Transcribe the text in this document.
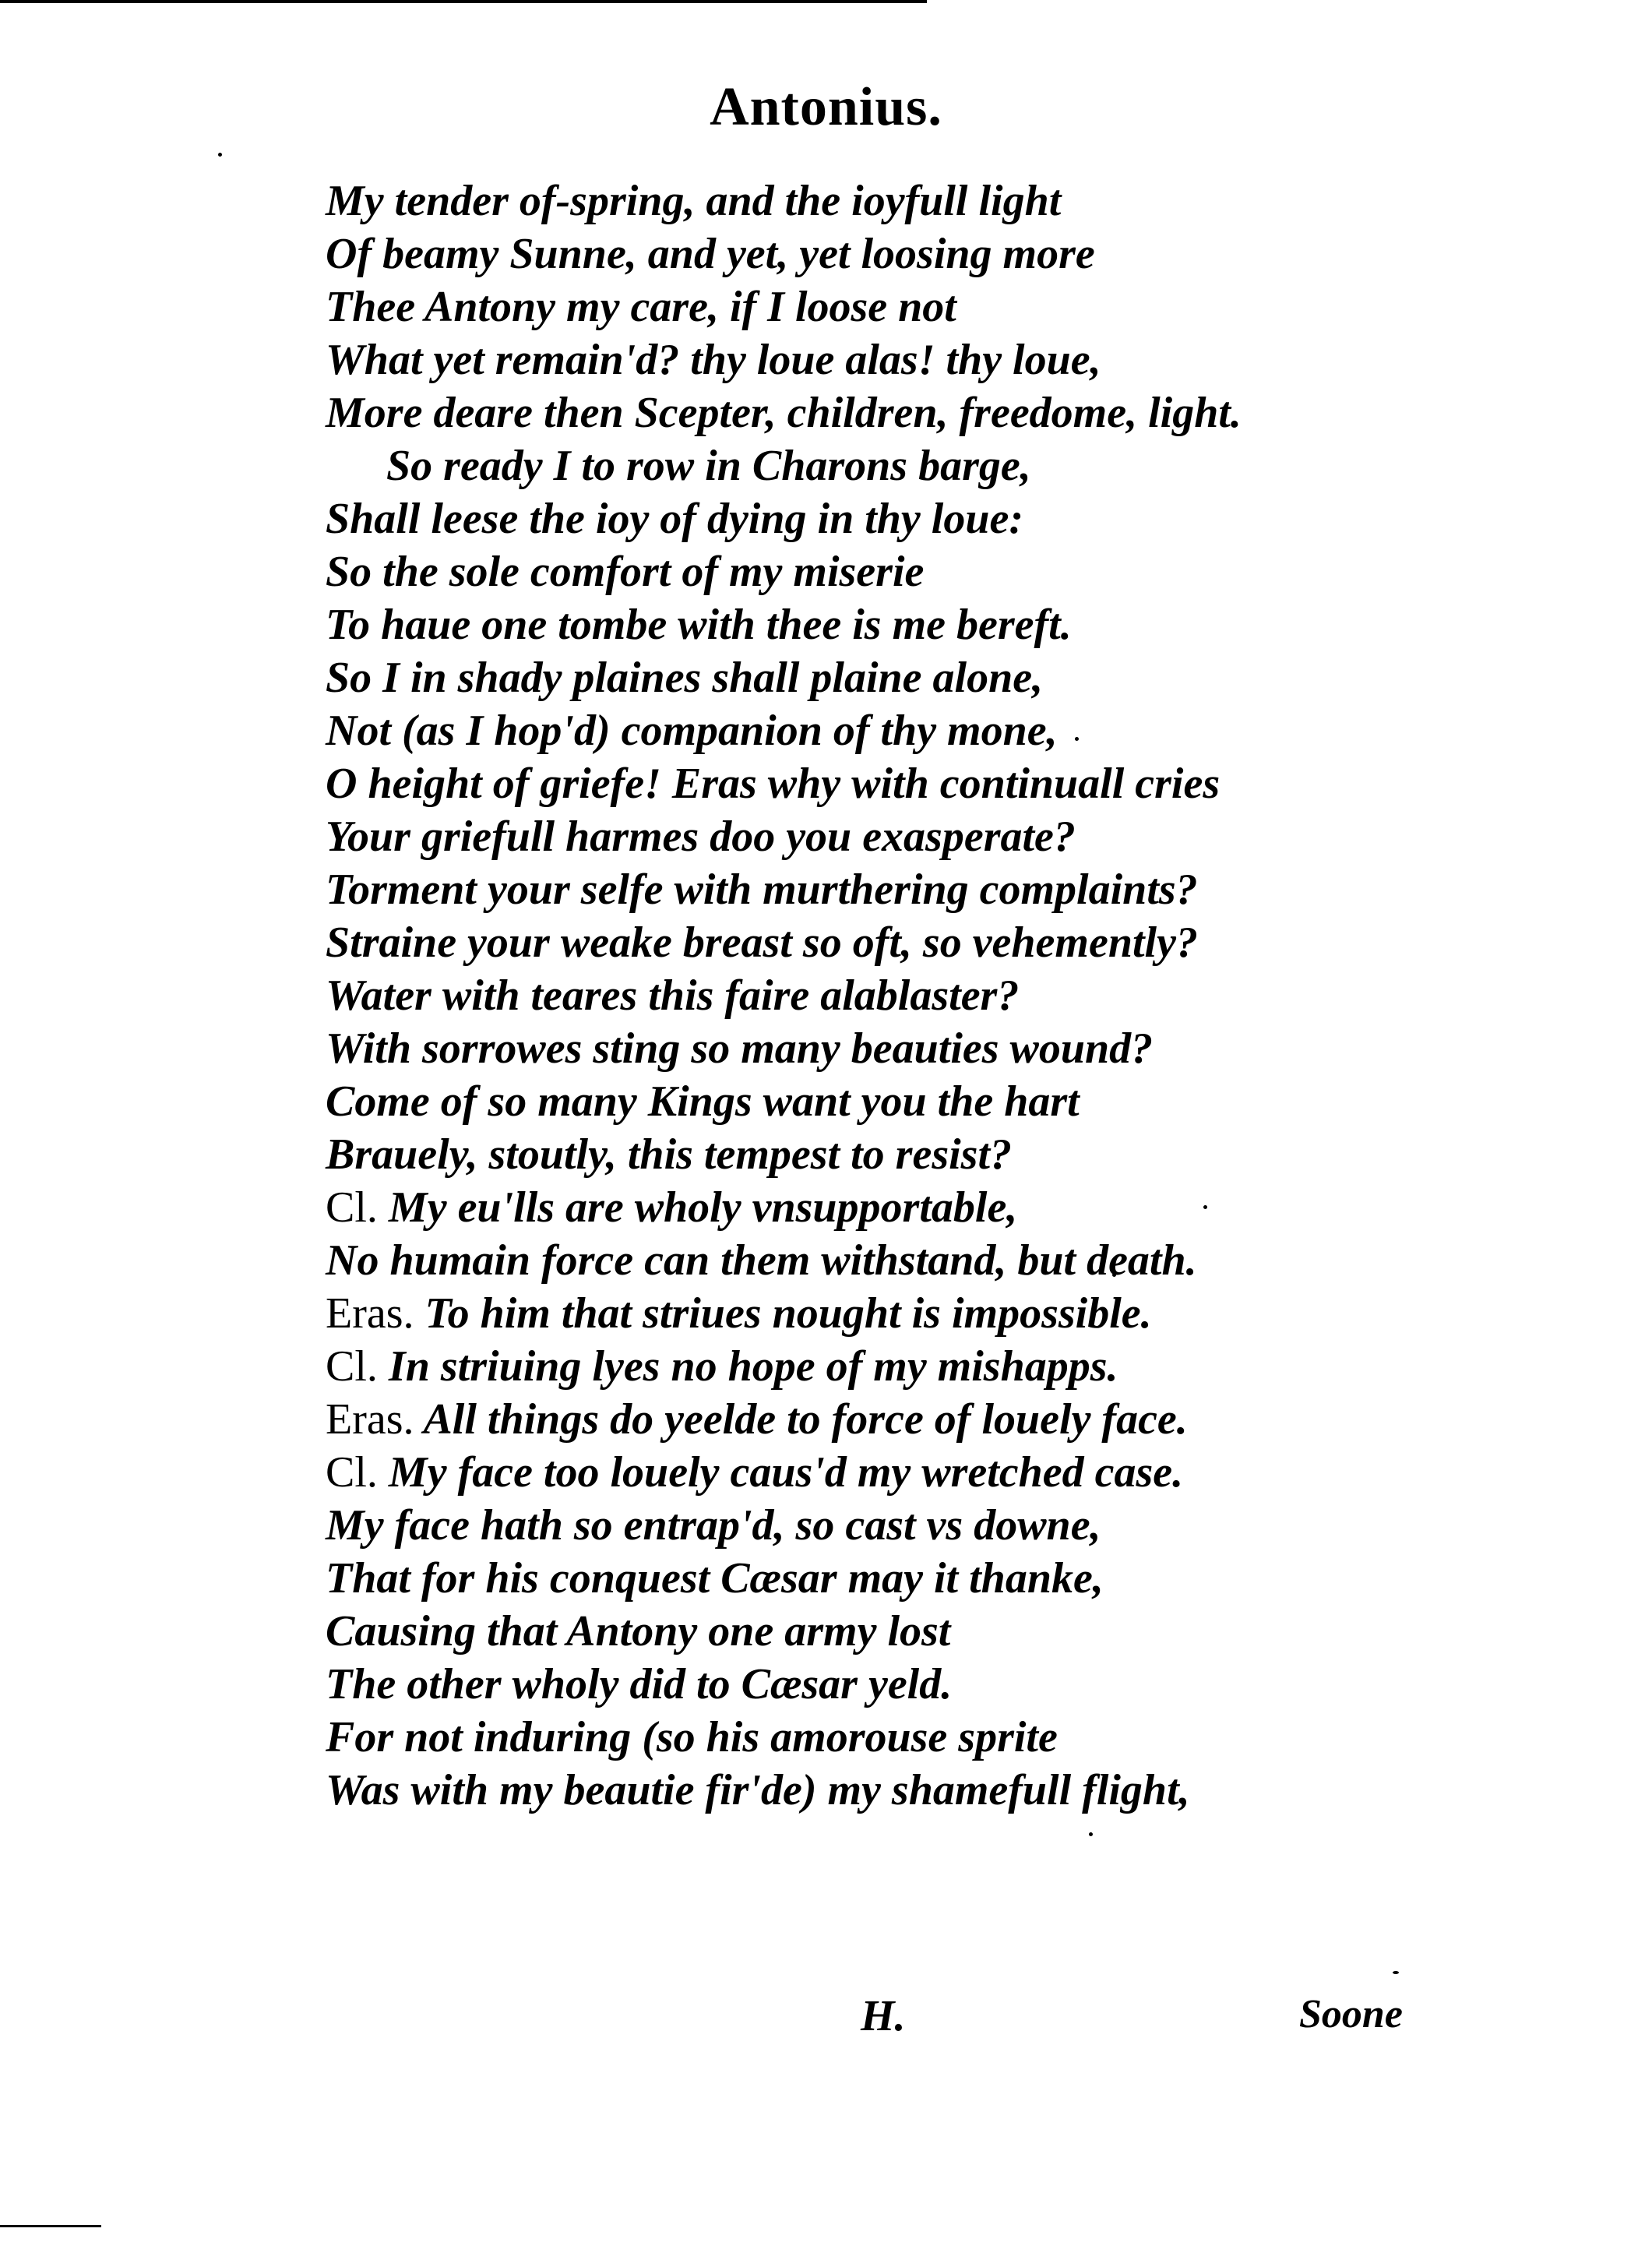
Antonius.
My tender of-spring, and the ioyfull light
Of beamy Sunne, and yet, yet loosing more
Thee Antony my care, if I loose not
What yet remain'd? thy loue alas! thy loue,
More deare then Scepter, children, freedome, light.
So ready I to row in Charons barge,
Shall leese the ioy of dying in thy loue:
So the sole comfort of my miserie
To haue one tombe with thee is me bereft.
So I in shady plaines shall plaine alone,
Not (as I hop'd) companion of thy mone,
O height of griefe! Eras why with continuall cries
Your griefull harmes doo you exasperate?
Torment your selfe with murthering complaints?
Straine your weake breast so oft, so vehemently?
Water with teares this faire alablaster?
With sorrowes sting so many beauties wound?
Come of so many Kings want you the hart
Brauely, stoutly, this tempest to resist?
Cl. My eu'lls are wholy vnsupportable,
No humain force can them withstand, but death.
Eras. To him that striues nought is impossible.
Cl. In striuing lyes no hope of my mishapps.
Eras. All things do yeelde to force of louely face.
Cl. My face too louely caus'd my wretched case.
My face hath so entrap'd, so cast vs downe,
That for his conquest Cæsar may it thanke,
Causing that Antony one army lost
The other wholy did to Cæsar yeld.
For not induring (so his amorouse sprite
Was with my beautie fir'de) my shamefull flight,
H.	Soone
